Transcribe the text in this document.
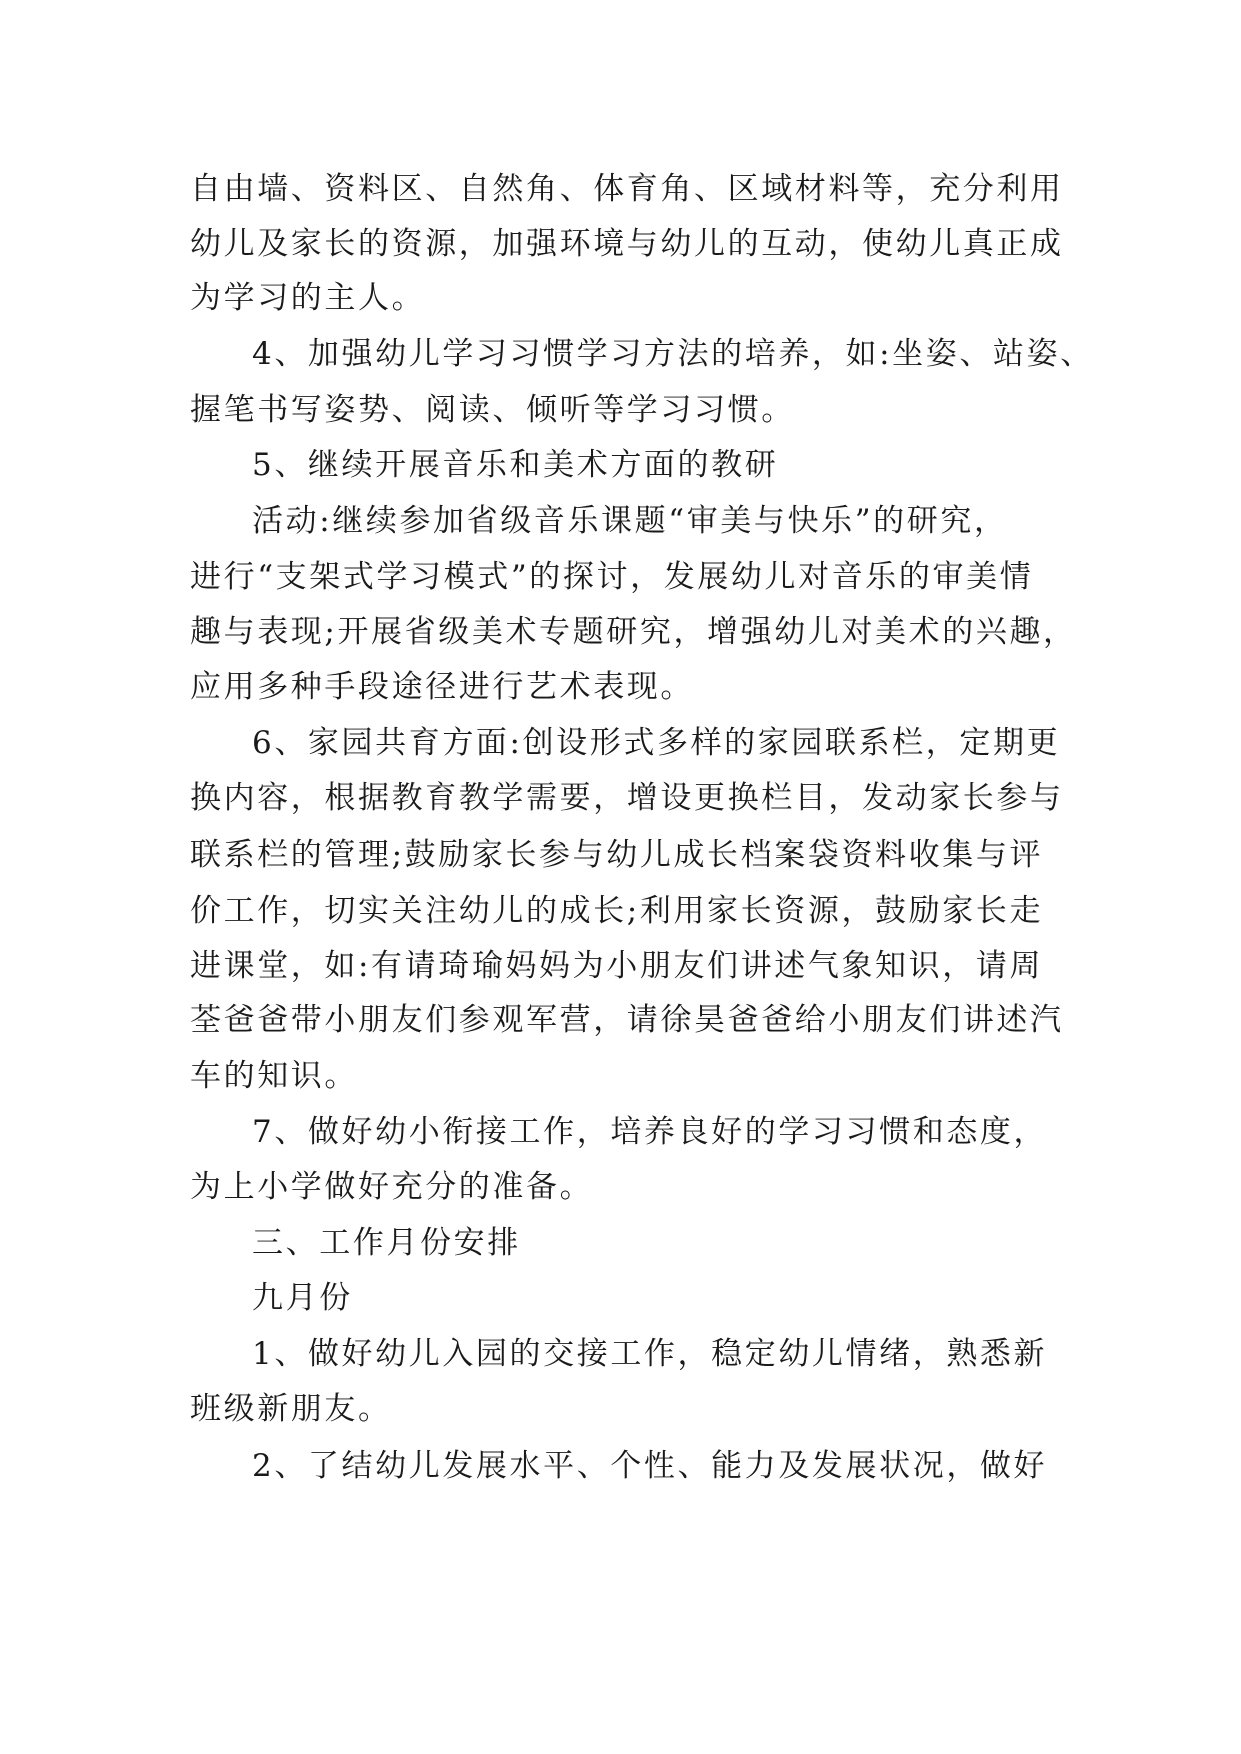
自由墙、资料区、自然角、体育角、区域材料等，充分利用
幼儿及家长的资源，加强环境与幼儿的互动，使幼儿真正成
为学习的主人。
4、加强幼儿学习习惯学习方法的培养，如:坐姿、站姿、
握笔书写姿势、阅读、倾听等学习习惯。
5、继续开展音乐和美术方面的教研
活动:继续参加省级音乐课题“审美与快乐”的研究，
进行“支架式学习模式”的探讨，发展幼儿对音乐的审美情
趣与表现;开展省级美术专题研究，增强幼儿对美术的兴趣，
应用多种手段途径进行艺术表现。
6、家园共育方面:创设形式多样的家园联系栏，定期更
换内容，根据教育教学需要，增设更换栏目，发动家长参与
联系栏的管理;鼓励家长参与幼儿成长档案袋资料收集与评
价工作，切实关注幼儿的成长;利用家长资源，鼓励家长走
进课堂，如:有请琦瑜妈妈为小朋友们讲述气象知识，请周
荃爸爸带小朋友们参观军营，请徐昊爸爸给小朋友们讲述汽
车的知识。
7、做好幼小衔接工作，培养良好的学习习惯和态度，
为上小学做好充分的准备。
三、工作月份安排
九月份
1、做好幼儿入园的交接工作，稳定幼儿情绪，熟悉新
班级新朋友。
2、了结幼儿发展水平、个性、能力及发展状况，做好
